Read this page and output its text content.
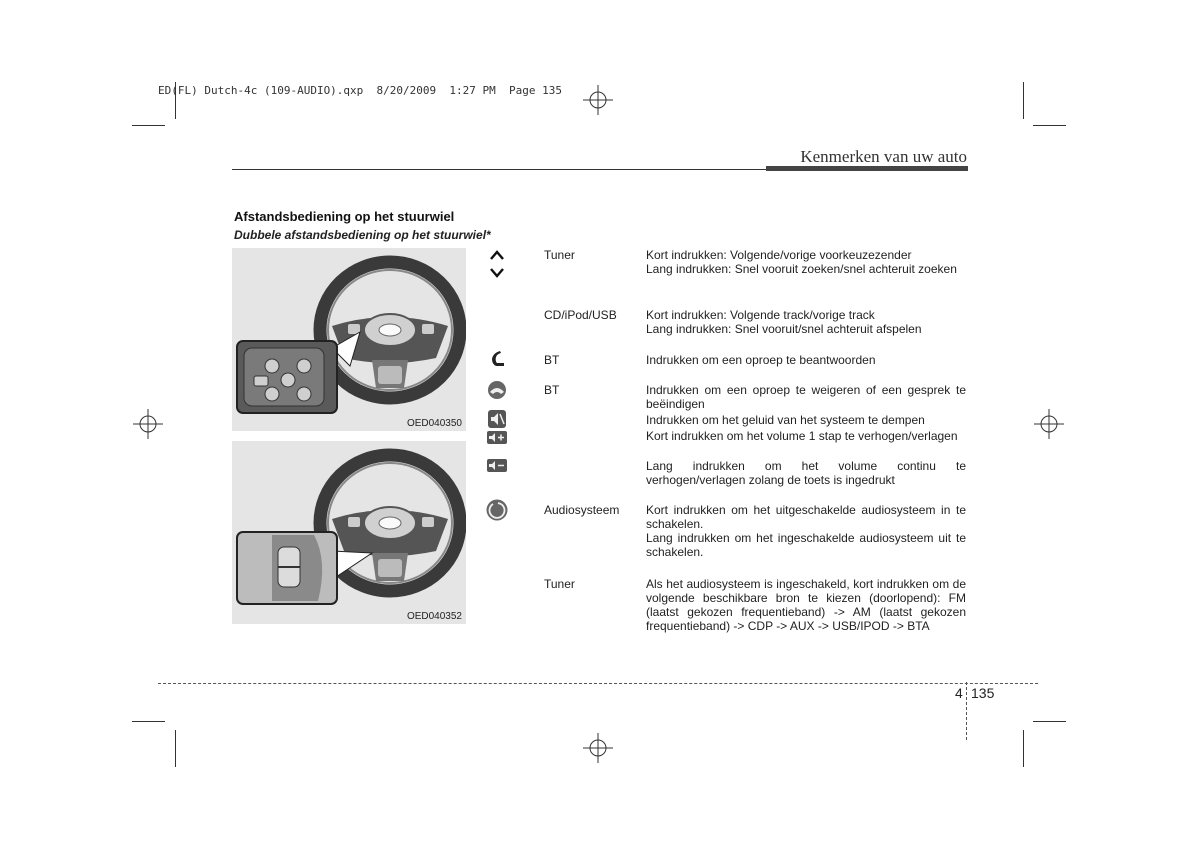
ED(FL) Dutch-4c (109-AUDIO).qxp  8/20/2009  1:27 PM  Page 135
Kenmerken van uw auto
Afstandsbediening op het stuurwiel
Dubbele afstandsbediening op het stuurwiel*
OED040350
OED040352
Tuner	Kort indrukken: Volgende/vorige voorkeuzezender

Lang indrukken: Snel vooruit zoeken/snel achteruit zoeken

CD/iPod/USB	Kort indrukken: Volgende track/vorige track

Lang indrukken: Snel vooruit/snel achteruit afspelen

BT	Indrukken om een oproep te beantwoorden

BT	Indrukken om een oproep te weigeren of een gesprek te beëindigen

Indrukken om het geluid van het systeem te dempen

Kort indrukken om het volume 1 stap te verhogen/verlagen

Lang indrukken om het volume continu te verhogen/verlagen zolang de toets is ingedrukt

Audiosysteem	Kort indrukken om het uitgeschakelde audiosysteem in te schakelen.

Lang indrukken om het ingeschakelde audiosysteem uit te schakelen.

Tuner	Als het audiosysteem is ingeschakeld, kort indrukken om de volgende beschikbare bron te kiezen (doorlopend): FM (laatst gekozen frequentieband) -> AM (laatst gekozen frequentieband) -> CDP -> AUX -> USB/IPOD -> BTA

4 135
